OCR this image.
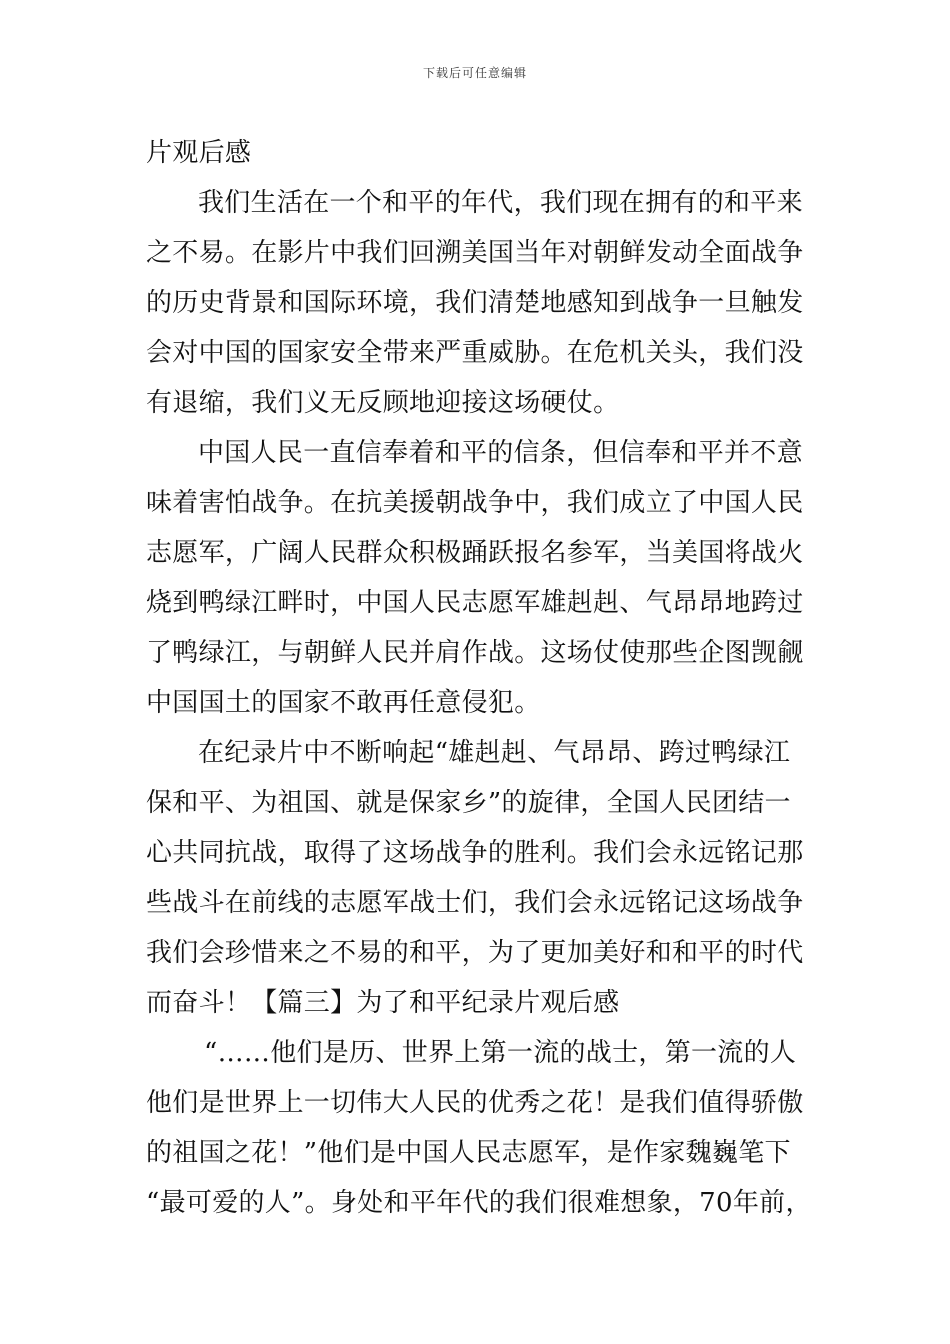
下载后可任意编辑
片观后感
我们生活在一个和平的年代，我们现在拥有的和平来
之不易。在影片中我们回溯美国当年对朝鲜发动全面战争
的历史背景和国际环境，我们清楚地感知到战争一旦触发
会对中国的国家安全带来严重威胁。在危机关头，我们没
有退缩，我们义无反顾地迎接这场硬仗。
中国人民一直信奉着和平的信条，但信奉和平并不意
味着害怕战争。在抗美援朝战争中，我们成立了中国人民
志愿军，广阔人民群众积极踊跃报名参军，当美国将战火
烧到鸭绿江畔时，中国人民志愿军雄赳赳、气昂昂地跨过
了鸭绿江，与朝鲜人民并肩作战。这场仗使那些企图觊觎
中国国土的国家不敢再任意侵犯。
在纪录片中不断响起“雄赳赳、气昂昂、跨过鸭绿江
保和平、为祖国、就是保家乡”的旋律，全国人民团结一
心共同抗战，取得了这场战争的胜利。我们会永远铭记那
些战斗在前线的志愿军战士们，我们会永远铭记这场战争
我们会珍惜来之不易的和平，为了更加美好和和平的时代
而奋斗！【篇三】为了和平纪录片观后感
“……他们是历、世界上第一流的战士，第一流的人
他们是世界上一切伟大人民的优秀之花！是我们值得骄傲
的祖国之花！”他们是中国人民志愿军，是作家魏巍笔下
“最可爱的人”。身处和平年代的我们很难想象，70年前，
